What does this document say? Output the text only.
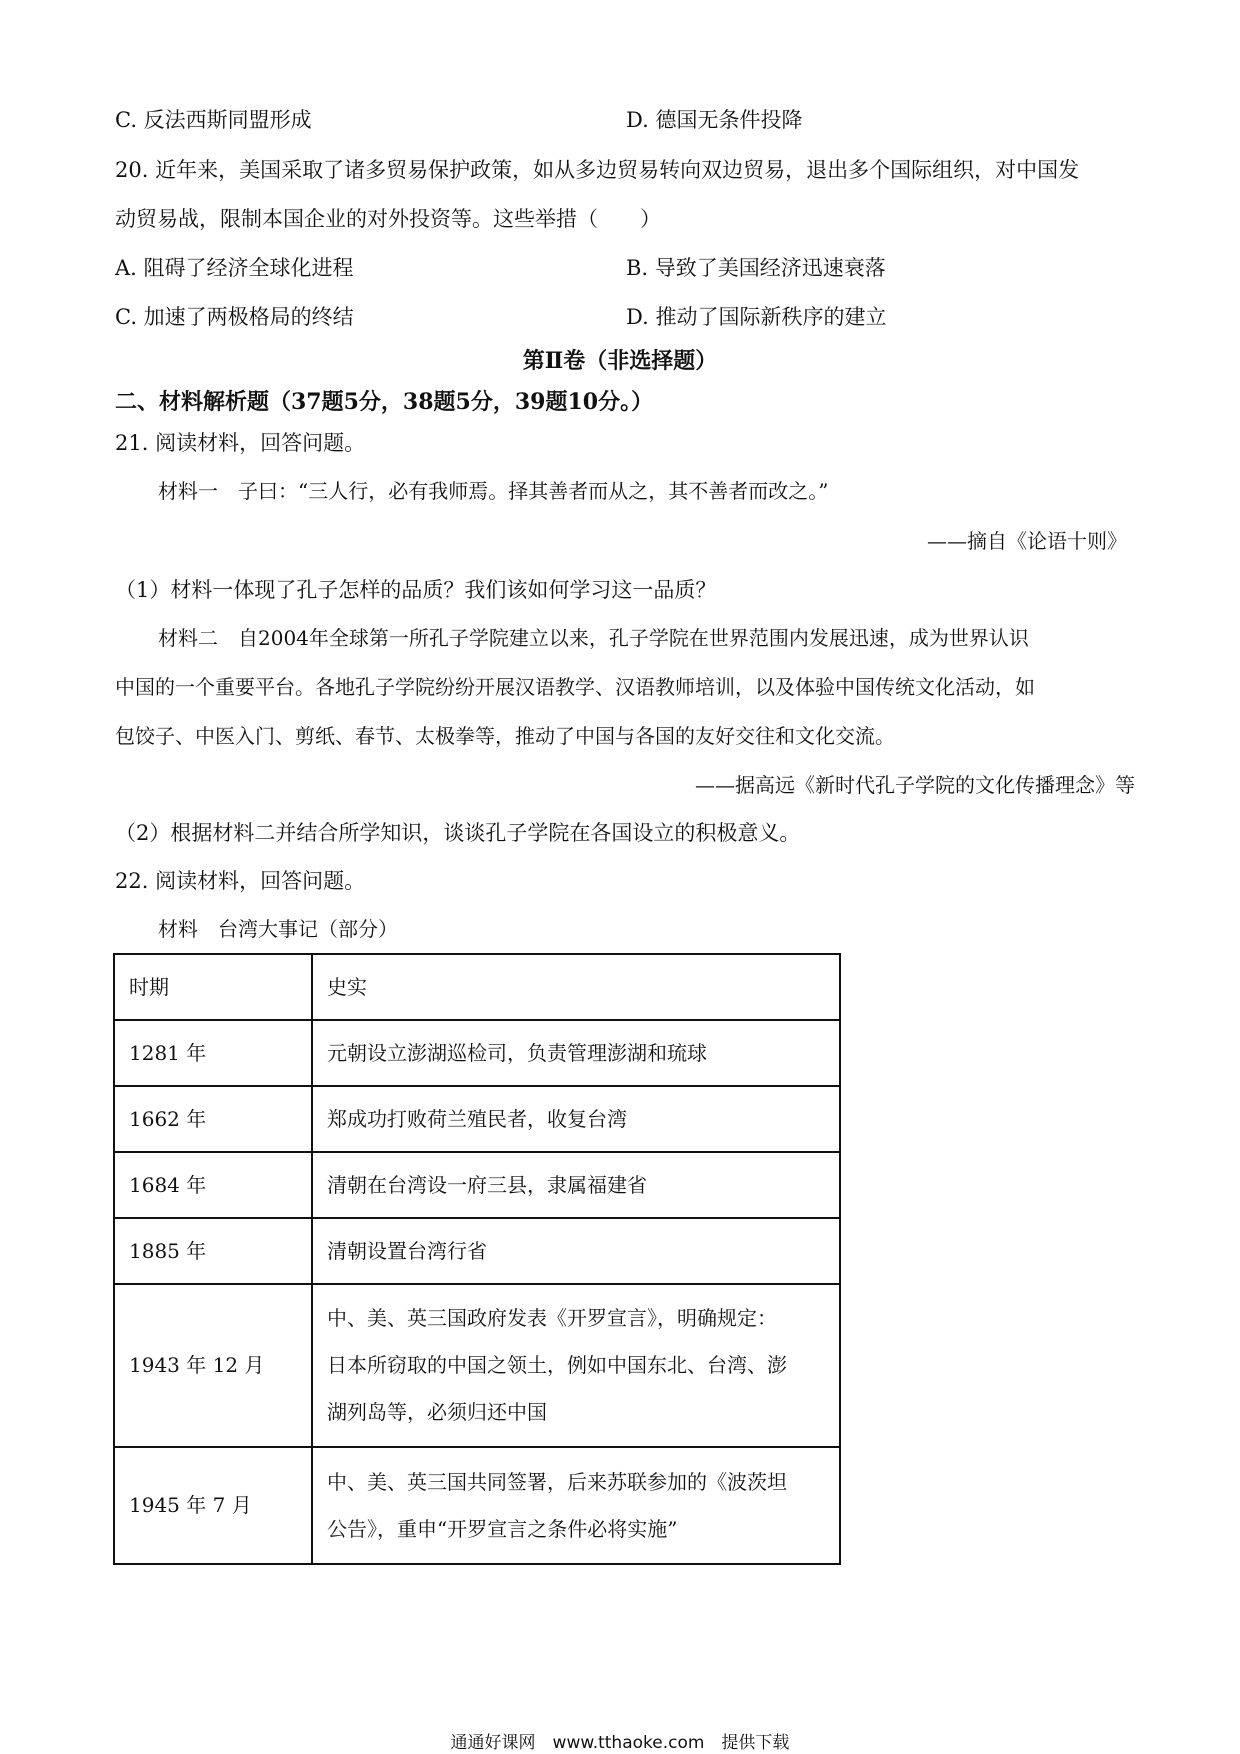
C. 反法西斯同盟形成	D. 德国无条件投降
20. 近年来，美国采取了诸多贸易保护政策，如从多边贸易转向双边贸易，退出多个国际组织，对中国发
动贸易战，限制本国企业的对外投资等。这些举措（　　）
A. 阻碍了经济全球化进程	B. 导致了美国经济迅速衰落
C. 加速了两极格局的终结	D. 推动了国际新秩序的建立
第Ⅱ卷（非选择题）
二、材料解析题（37题5分，38题5分，39题10分。）
21. 阅读材料，回答问题。
材料一　子曰：“三人行，必有我师焉。择其善者而从之，其不善者而改之。”
——摘自《论语十则》
（1）材料一体现了孔子怎样的品质？我们该如何学习这一品质？
材料二　自2004年全球第一所孔子学院建立以来，孔子学院在世界范围内发展迅速，成为世界认识
中国的一个重要平台。各地孔子学院纷纷开展汉语教学、汉语教师培训，以及体验中国传统文化活动，如
包饺子、中医入门、剪纸、春节、太极拳等，推动了中国与各国的友好交往和文化交流。
——据高远《新时代孔子学院的文化传播理念》等
（2）根据材料二并结合所学知识，谈谈孔子学院在各国设立的积极意义。
22. 阅读材料，回答问题。
材料　台湾大事记（部分）
时期	史实
1281 年	元朝设立澎湖巡检司，负责管理澎湖和琉球
1662 年	郑成功打败荷兰殖民者，收复台湾
1684 年	清朝在台湾设一府三县，隶属福建省
1885 年	清朝设置台湾行省
1943 年 12 月	中、美、英三国政府发表《开罗宣言》，明确规定：
日本所窃取的中国之领土，例如中国东北、台湾、澎
湖列岛等，必须归还中国

1945 年 7 月	中、美、英三国共同签署，后来苏联参加的《波茨坦
公告》，重申“开罗宣言之条件必将实施”
通通好课网　www.tthaoke.com　提供下载
